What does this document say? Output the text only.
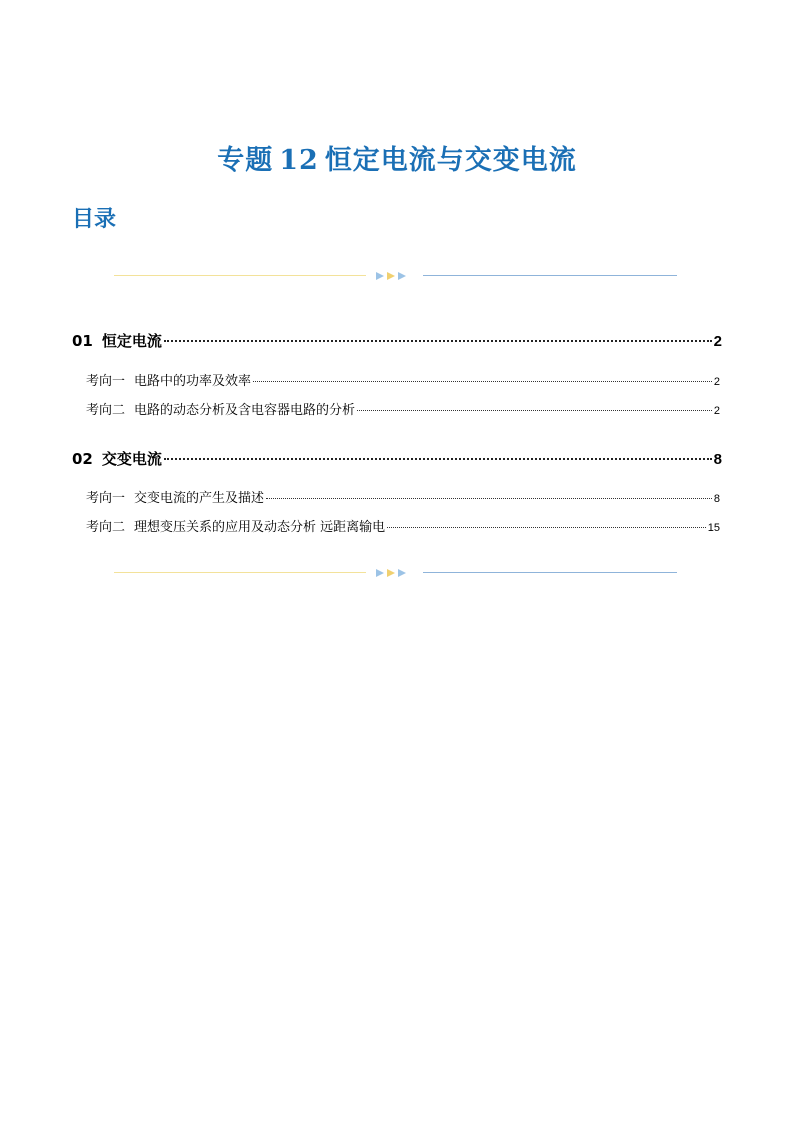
专题 12 恒定电流与交变电流
目录
01 恒定电流	2
考向一 电路中的功率及效率	2
考向二 电路的动态分析及含电容器电路的分析	2
02 交变电流	8
考向一 交变电流的产生及描述	8
考向二 理想变压关系的应用及动态分析 远距离输电	15
